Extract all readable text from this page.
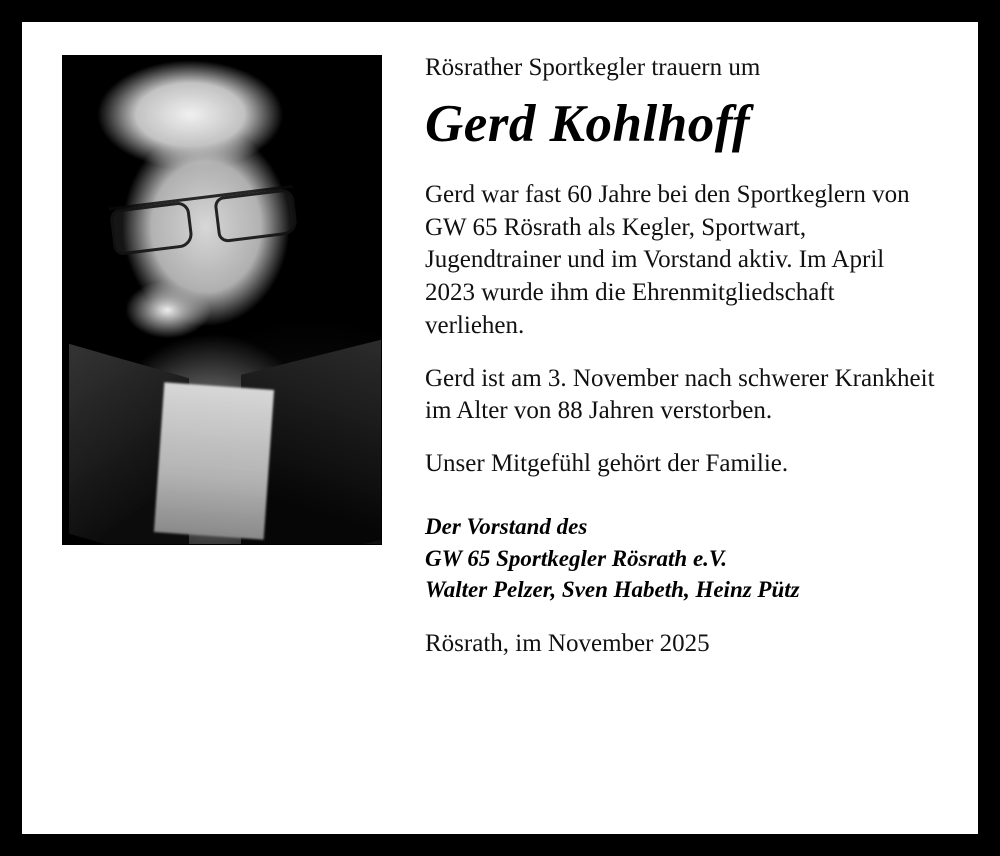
Rösrather Sportkegler trauern um

Gerd Kohlhoff

Gerd war fast 60 Jahre bei den Sportkeglern von GW 65 Rösrath als Kegler, Sportwart, Jugendtrainer und im Vorstand aktiv. Im April 2023 wurde ihm die Ehrenmitgliedschaft verliehen.

Gerd ist am 3. November nach schwerer Krankheit im Alter von 88 Jahren verstorben.

Unser Mitgefühl gehört der Familie.

Der Vorstand des
GW 65 Sportkegler Rösrath e.V.
Walter Pelzer, Sven Habeth, Heinz Pütz

Rösrath, im November 2025
